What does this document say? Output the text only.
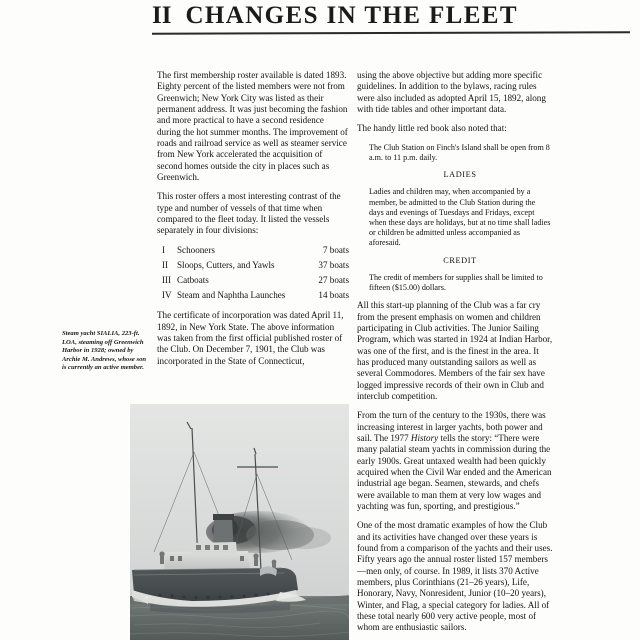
II CHANGES IN THE FLEET

The first membership roster available is dated 1893. Eighty percent of the listed members were not from Greenwich; New York City was listed as their permanent address. It was just becoming the fashion and more practical to have a second residence during the hot summer months. The improvement of roads and railroad service as well as steamer service from New York accelerated the acquisition of second homes outside the city in places such as Greenwich.

This roster offers a most interesting contrast of the type and number of vessels of that time when compared to the fleet today. It listed the vessels separately in four divisions:

I	Schooners	7 boats
II Sloops, Cutters, and Yawls	37 boats
III Catboats	27 boats
IV Steam and Naphtha Launches	14 boats

The certificate of incorporation was dated April 11, 1892, in New York State. The above information was taken from the first official published roster of the Club. On December 7, 1901, the Club was incorporated in the State of Connecticut,

using the above objective but adding more specific guidelines. In addition to the bylaws, racing rules were also included as adopted April 15, 1892, along with tide tables and other important data.

The handy little red book also noted that:

The Club Station on Finch's Island shall be open from 8 a.m. to 11 p.m. daily.

LADIES

Ladies and children may, when accompanied by a member, be admitted to the Club Station during the days and evenings of Tuesdays and Fridays, except when these days are holidays, but at no time shall ladies or children be admitted unless accompanied as aforesaid.

CREDIT

The credit of members for supplies shall be limited to fifteen ($15.00) dollars.

All this start-up planning of the Club was a far cry from the present emphasis on women and children participating in Club activities. The Junior Sailing Program, which was started in 1924 at Indian Harbor, was one of the first, and is the finest in the area. It has produced many outstanding sailors as well as several Commodores. Members of the fair sex have logged impressive records of their own in Club and interclub competition.

From the turn of the century to the 1930s, there was increasing interest in larger yachts, both power and sail. The 1977 History tells the story: “There were many palatial steam yachts in commission during the early 1900s. Great untaxed wealth had been quickly acquired when the Civil War ended and the American industrial age began. Seamen, stewards, and chefs were available to man them at very low wages and yachting was fun, sporting, and prestigious.”

One of the most dramatic examples of how the Club and its activities have changed over these years is found from a comparison of the yachts and their uses. Fifty years ago the annual roster listed 157 members—men only, of course. In 1989, it lists 370 Active members, plus Corinthians (21–26 years), Life, Honorary, Navy, Nonresident, Junior (10–20 years), Winter, and Flag, a special category for ladies. All of these total nearly 600 very active people, most of whom are enthusiastic sailors.

Steam yacht SIALIA, 223-ft. LOA, steaming off Greenwich Harbor in 1928; owned by Archie M. Andrews, whose son is currently an active member.
